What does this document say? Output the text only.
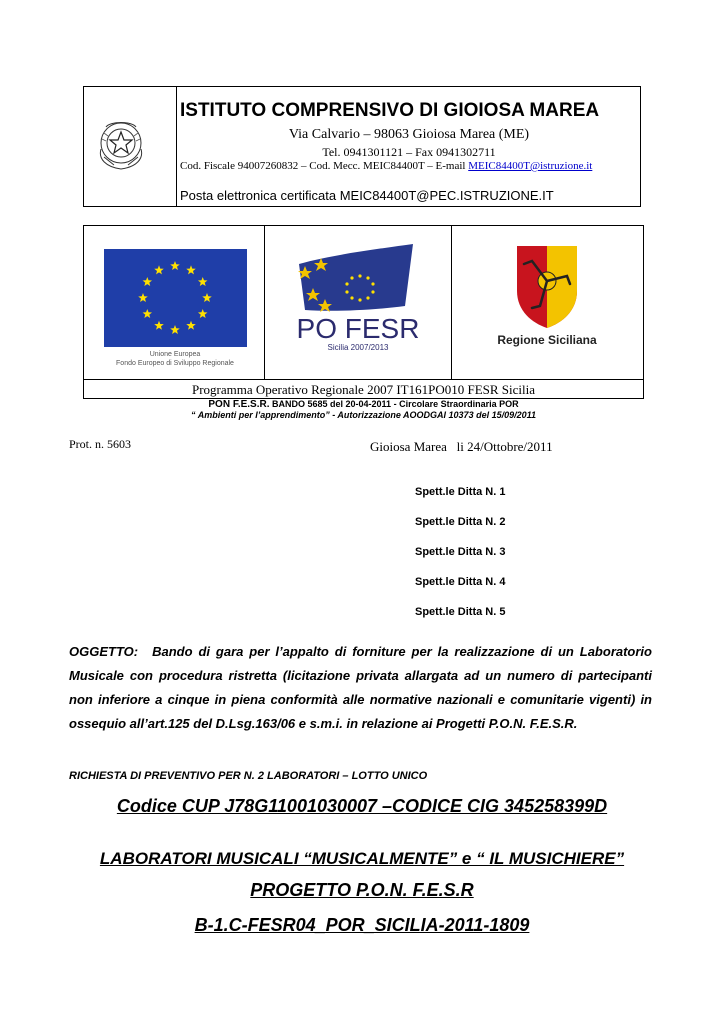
ISTITUTO COMPRENSIVO DI GIOIOSA MAREA
Via Calvario – 98063 Gioiosa Marea (ME)
Tel. 0941301121 – Fax 0941302711
Cod. Fiscale 94007260832 – Cod. Mecc. MEIC84400T – E-mail MEIC84400T@istruzione.it
Posta elettronica certificata MEIC84400T@PEC.ISTRUZIONE.IT
Unione Europea
Fondo Europeo di Sviluppo Regionale
PO FESR
Sicilia 2007/2013
Regione Siciliana
Programma Operativo Regionale 2007 IT161PO010 FESR Sicilia
PON F.E.S.R. BANDO 5685 del 20-04-2011 - Circolare Straordinaria POR
“ Ambienti per l’apprendimento” - Autorizzazione AOODGAI 10373 del 15/09/2011
Prot. n. 5603	Gioiosa Marea   li 24/Ottobre/2011
Spett.le Ditta N. 1
Spett.le Ditta N. 2
Spett.le Ditta N. 3
Spett.le Ditta N. 4
Spett.le Ditta N. 5
OGGETTO: Bando di gara per l’appalto di forniture per la realizzazione di un Laboratorio Musicale con procedura ristretta (licitazione privata allargata ad un numero di partecipanti non inferiore a cinque in piena conformità alle normative nazionali e comunitarie vigenti) in ossequio all’art.125 del D.Lsg.163/06 e s.m.i. in relazione ai Progetti P.O.N. F.E.S.R.
RICHIESTA DI PREVENTIVO PER N. 2 LABORATORI – LOTTO UNICO
Codice CUP J78G11001030007 –CODICE CIG 345258399D
LABORATORI MUSICALI “MUSICALMENTE” e “ IL MUSICHIERE”
PROGETTO P.O.N. F.E.S.R
B-1.C-FESR04_POR_SICILIA-2011-1809
